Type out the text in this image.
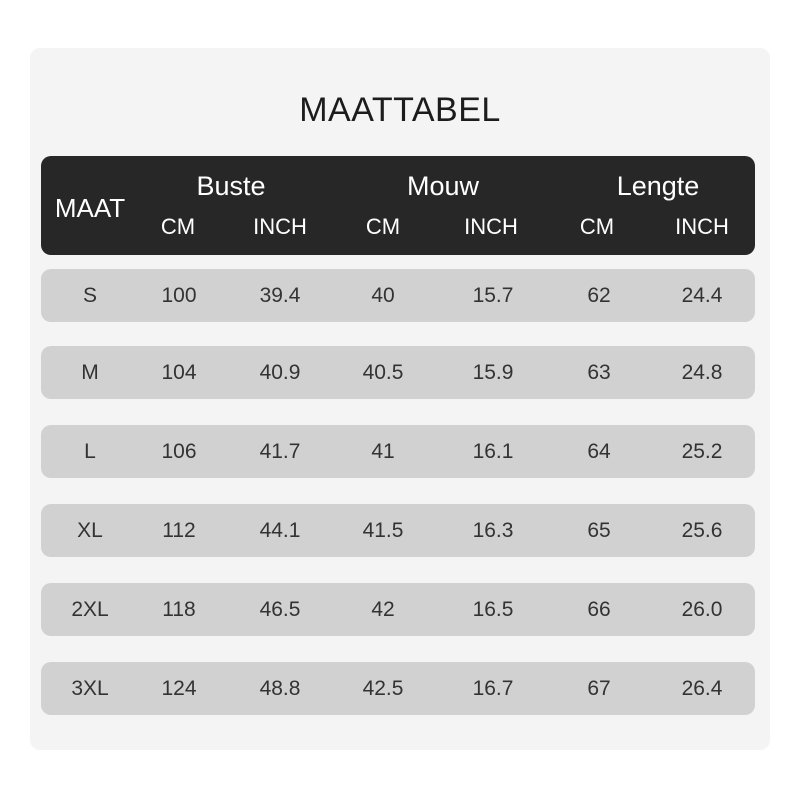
MAATTABEL
MAAT
Buste
CM	INCH
Mouw
CM	INCH
Lengte
CM	INCH
S	100	39.4	40	15.7	62	24.4
M	104	40.9	40.5	15.9	63	24.8
L	106	41.7	41	16.1	64	25.2
XL	112	44.1	41.5	16.3	65	25.6
2XL	118	46.5	42	16.5	66	26.0
3XL	124	48.8	42.5	16.7	67	26.4
